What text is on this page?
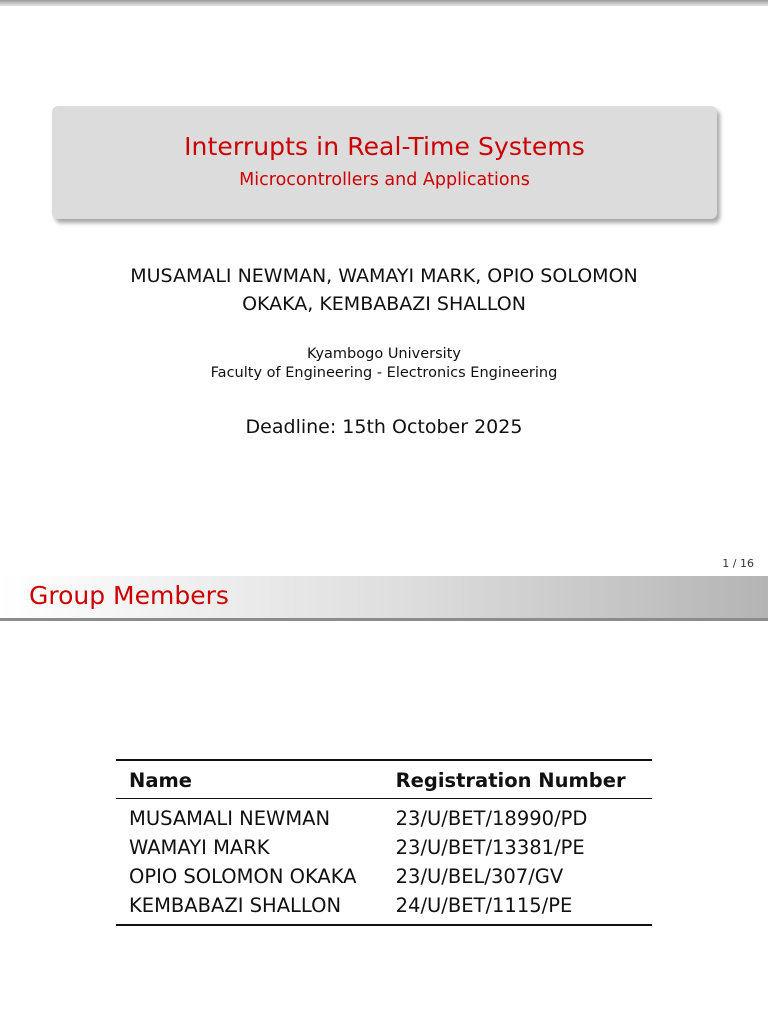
Interrupts in Real-Time Systems
Microcontrollers and Applications
MUSAMALI NEWMAN, WAMAYI MARK, OPIO SOLOMON
OKAKA, KEMBABAZI SHALLON
Kyambogo University
Faculty of Engineering - Electronics Engineering
Deadline: 15th October 2025
1 / 16
Group Members
Name	Registration Number
MUSAMALI NEWMAN	23/U/BET/18990/PD
WAMAYI MARK	23/U/BET/13381/PE
OPIO SOLOMON OKAKA	23/U/BEL/307/GV
KEMBABAZI SHALLON	24/U/BET/1115/PE
